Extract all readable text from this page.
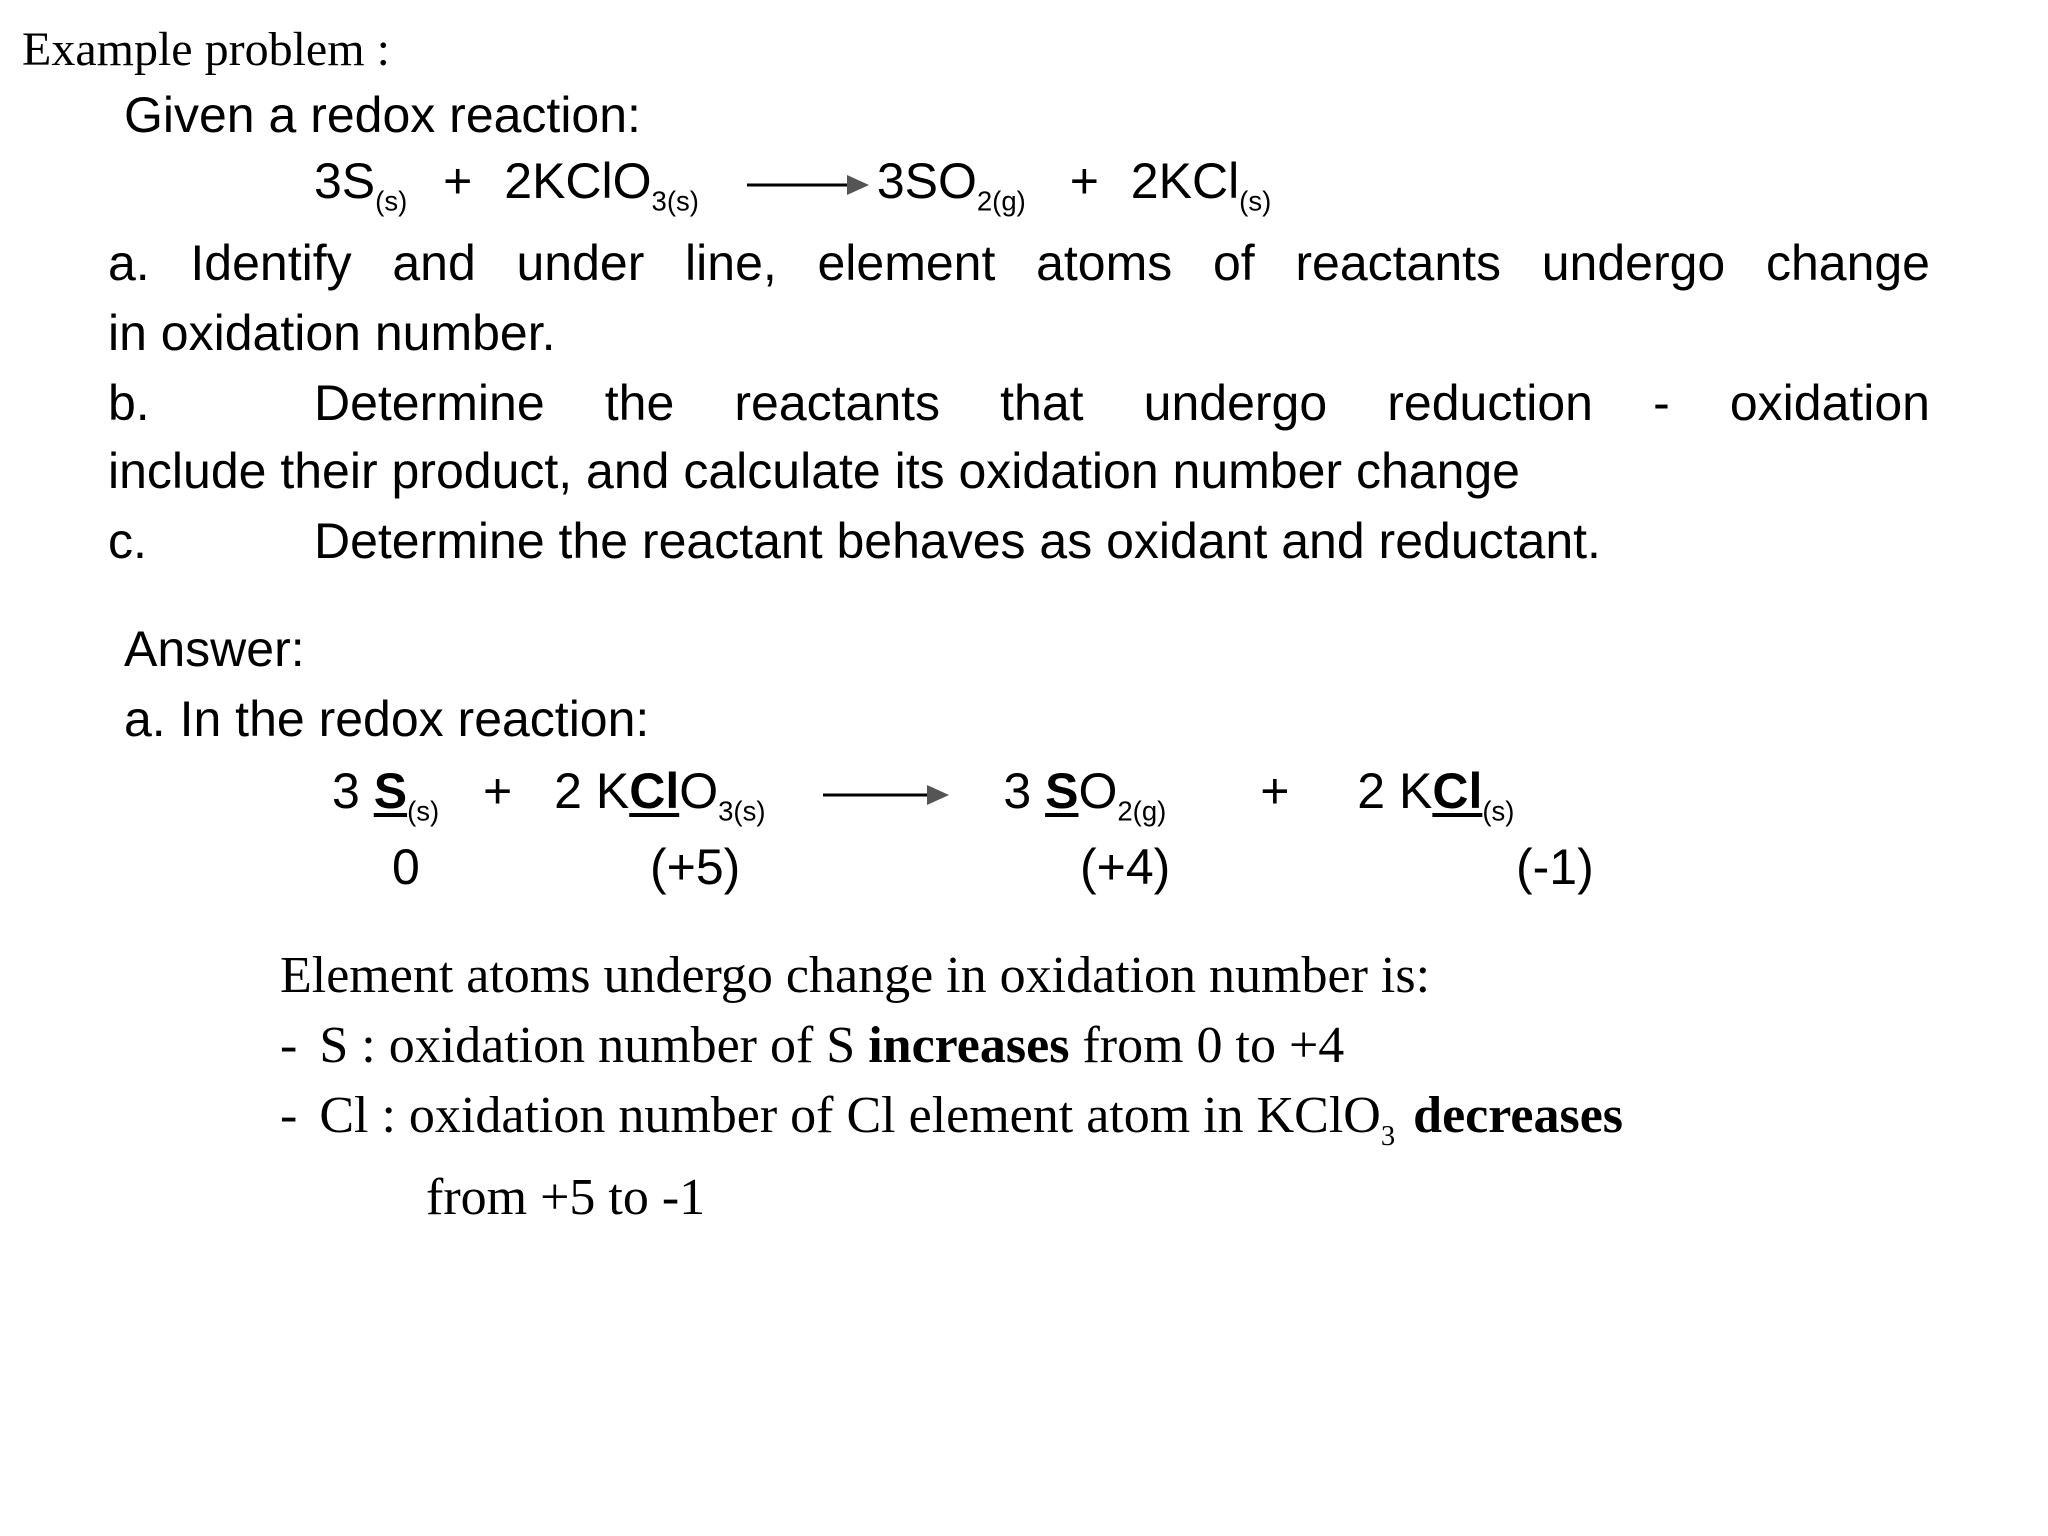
Example problem :
Given a redox reaction:
$3S_{(s)}$ + 2KClO$_{3(s)}$	$3SO_{2(g)} + 2KCl_{(s)}$
a. Identify and under line, element atoms of reactants undergo change
in oxidation number.
b.	Determine the reactants that undergo reduction - oxidation
include their product, and calculate its oxidation number change
c.	Determine the reactant behaves as oxidant and reductant.
Answer:
a. In the redox reaction:
3 $S_{(s)} + 2$ KClO$_{3(s)}$	3 $SO_{2(g)} + 2$ KCl$_{(s)}$
0	(+5)	(+4)	(-1)
Element atoms undergo change in oxidation number is:
- S : oxidation number of S increases from 0 to +4
- Cl : oxidation number of Cl element atom in KClO$_3$ decreases
from +5 to -1
